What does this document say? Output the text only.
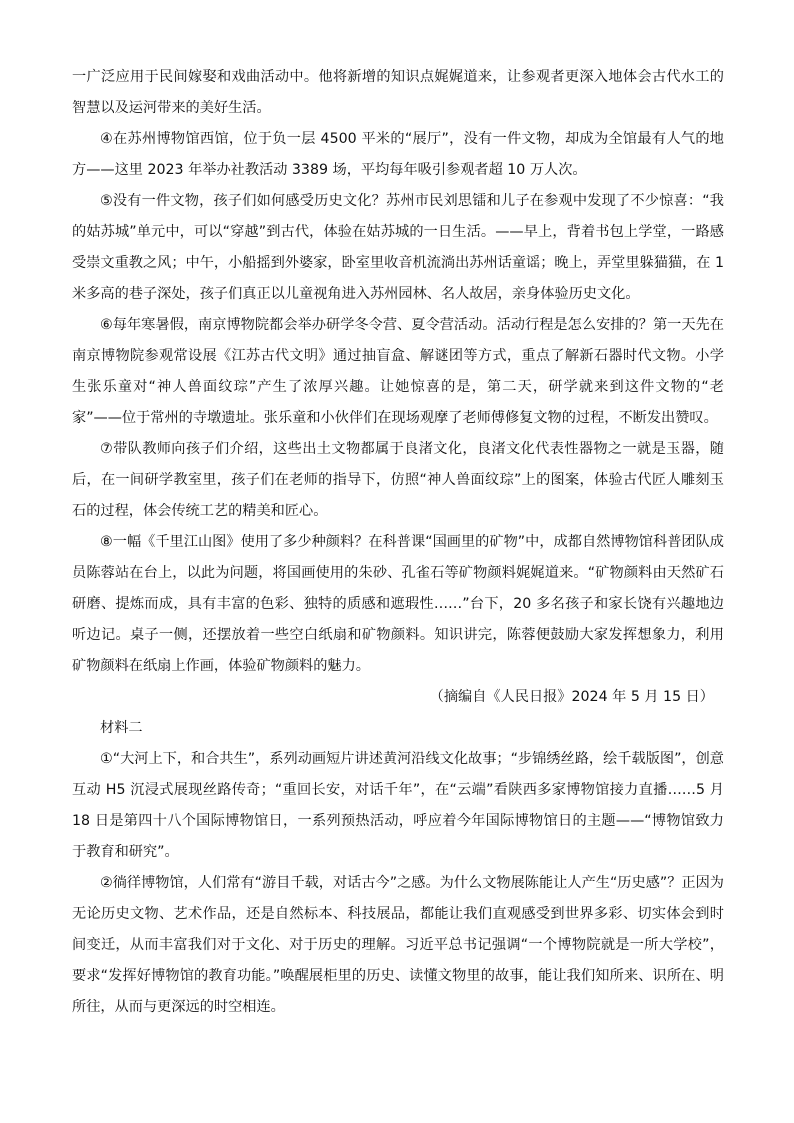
一广泛应用于民间嫁娶和戏曲活动中。他将新增的知识点娓娓道来，让参观者更深入地体会古代水工的智慧以及运河带来的美好生活。

④在苏州博物馆西馆，位于负一层 4500 平米的“展厅”，没有一件文物，却成为全馆最有人气的地方——这里 2023 年举办社教活动 3389 场，平均每年吸引参观者超 10 万人次。

⑤没有一件文物，孩子们如何感受历史文化？苏州市民刘思镭和儿子在参观中发现了不少惊喜：“我的姑苏城”单元中，可以“穿越”到古代，体验在姑苏城的一日生活。——早上，背着书包上学堂，一路感受崇文重教之风；中午，小船摇到外婆家，卧室里收音机流淌出苏州话童谣；晚上，弄堂里躲猫猫，在 1 米多高的巷子深处，孩子们真正以儿童视角进入苏州园林、名人故居，亲身体验历史文化。

⑥每年寒暑假，南京博物院都会举办研学冬令营、夏令营活动。活动行程是怎么安排的？第一天先在南京博物院参观常设展《江苏古代文明》通过抽盲盒、解谜团等方式，重点了解新石器时代文物。小学生张乐童对“神人兽面纹琮”产生了浓厚兴趣。让她惊喜的是，第二天，研学就来到这件文物的“老家”——位于常州的寺墩遗址。张乐童和小伙伴们在现场观摩了老师傅修复文物的过程，不断发出赞叹。

⑦带队教师向孩子们介绍，这些出土文物都属于良渚文化，良渚文化代表性器物之一就是玉器，随后，在一间研学教室里，孩子们在老师的指导下，仿照“神人兽面纹琮”上的图案，体验古代匠人雕刻玉石的过程，体会传统工艺的精美和匠心。

⑧一幅《千里江山图》使用了多少种颜料？在科普课“国画里的矿物”中，成都自然博物馆科普团队成员陈蓉站在台上，以此为问题，将国画使用的朱砂、孔雀石等矿物颜料娓娓道来。“矿物颜料由天然矿石研磨、提炼而成，具有丰富的色彩、独特的质感和遮瑕性……”台下，20 多名孩子和家长饶有兴趣地边听边记。桌子一侧，还摆放着一些空白纸扇和矿物颜料。知识讲完，陈蓉便鼓励大家发挥想象力，利用矿物颜料在纸扇上作画，体验矿物颜料的魅力。

（摘编自《人民日报》2024 年 5 月 15 日）

材料二

①“大河上下，和合共生”，系列动画短片讲述黄河沿线文化故事；“步锦绣丝路，绘千载版图”，创意互动 H5 沉浸式展现丝路传奇；“重回长安，对话千年”，在“云端”看陕西多家博物馆接力直播……5 月 18 日是第四十八个国际博物馆日，一系列预热活动，呼应着今年国际博物馆日的主题——“博物馆致力于教育和研究”。

②徜徉博物馆，人们常有“游目千载，对话古今”之感。为什么文物展陈能让人产生“历史感”？正因为无论历史文物、艺术作品，还是自然标本、科技展品，都能让我们直观感受到世界多彩、切实体会到时间变迁，从而丰富我们对于文化、对于历史的理解。习近平总书记强调“一个博物院就是一所大学校”，要求“发挥好博物馆的教育功能。”唤醒展柜里的历史、读懂文物里的故事，能让我们知所来、识所在、明所往，从而与更深远的时空相连。
